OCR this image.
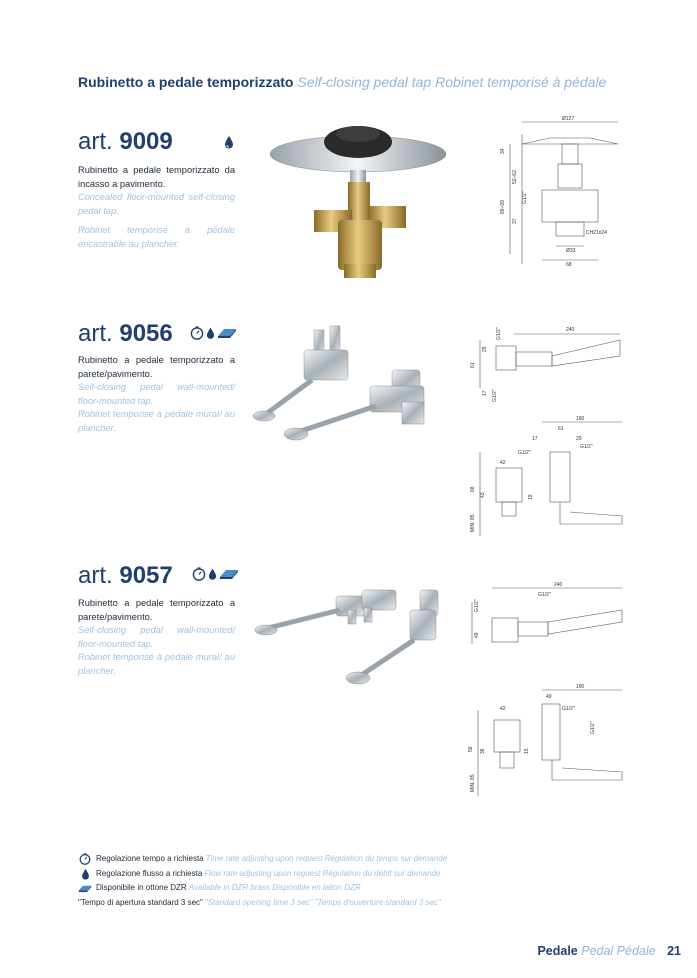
Rubinetto a pedale temporizzato Self-closing pedal tap Robinet temporisé à pédale
art. 9009
Rubinetto a pedale temporizzato da incasso a pavimento.
Concealed floor-mounted self-closing pedal tap.
Robinet temporisé à pédale encastrable au plancher.
Ø127
34
52÷62
89÷99
37
G1/2"
CH21x24
Ø33
68
art. 9056
Rubinetto a pedale temporizzato a parete/pavimento.
Self-closing pedal wall-mounted/ floor-mounted tap.
Robinet temporisé à pédale mural/ au plancher.
G1/2"	240
29
61
17 G1/2"
190
61
17	29
G1/2"
G1/2"
42
68
43	19
MIN. 85
art. 9057
Rubinetto a pedale temporizzato a parete/pavimento.
Self-closing pedal wall-mounted/ floor-mounted tap.
Robinet temporisé à pédale mural/ au plancher.
240
G1/2"
G1/2"
49
190
49
42	G1/2"
G1/2"
59 36	15
MIN. 85
Regolazione tempo a richiesta Time rate adjusting upon request Régulation du temps sur demande
Regolazione flusso a richiesta Flow rate adjusting upon request Régulation du débit sur demande
Disponibile in ottone DZR Available in DZR brass Disponible en laiton DZR
"Tempo di apertura standard 3 sec" "Standard opening time 3 sec" "Temps d'ouverture standard 3 sec"
Pedale Pedal Pédale 21
